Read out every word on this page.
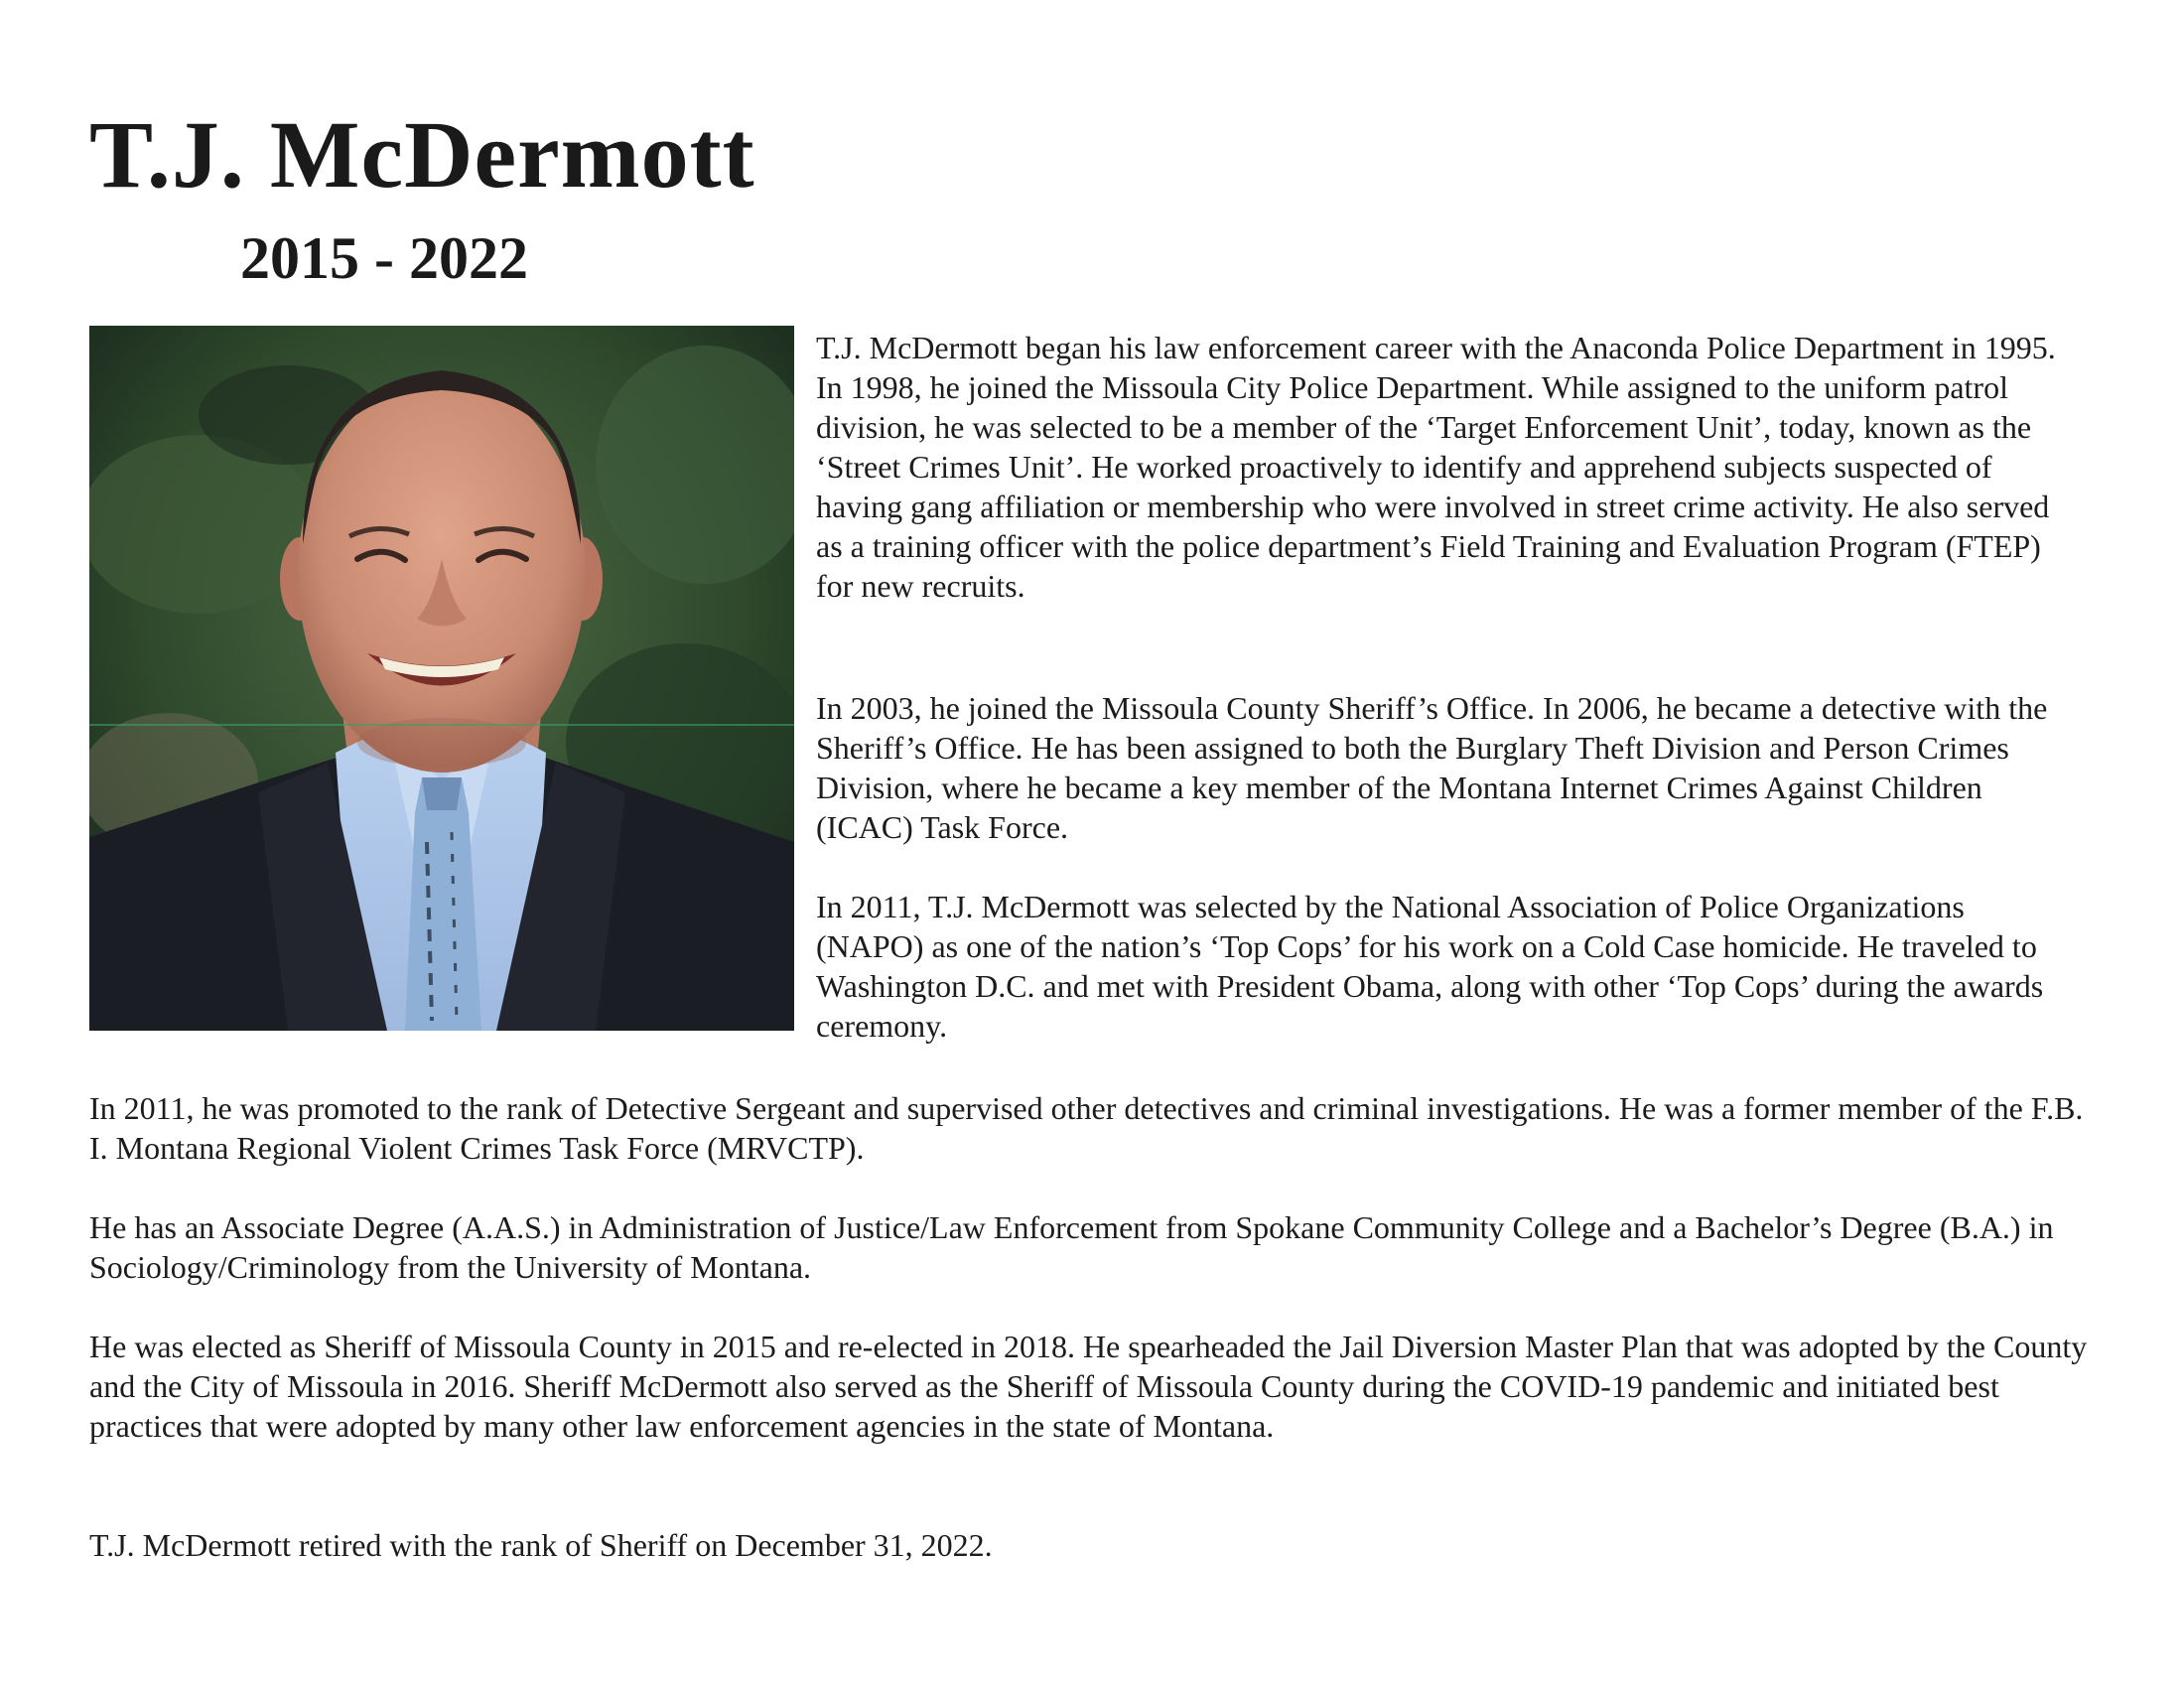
T.J. McDermott
2015 - 2022

T.J. McDermott began his law enforcement career with the Anaconda Police Department in 1995. In 1998, he joined the Missoula City Police Department. While assigned to the uniform patrol division, he was selected to be a member of the ‘Target Enforcement Unit’, today, known as the ‘Street Crimes Unit’. He worked proactively to identify and apprehend subjects suspected of having gang affiliation or membership who were involved in street crime activity. He also served as a training officer with the police department’s Field Training and Evaluation Program (FTEP) for new recruits.

In 2003, he joined the Missoula County Sheriff’s Office. In 2006, he became a detective with the Sheriff’s Office. He has been assigned to both the Burglary Theft Division and Person Crimes Division, where he became a key member of the Montana Internet Crimes Against Children (ICAC) Task Force.

In 2011, T.J. McDermott was selected by the National Association of Police Organizations (NAPO) as one of the nation’s ‘Top Cops’ for his work on a Cold Case homicide. He traveled to Washington D.C. and met with President Obama, along with other ‘Top Cops’ during the awards ceremony.

In 2011, he was promoted to the rank of Detective Sergeant and supervised other detectives and criminal investigations. He was a former member of the F.B. I. Montana Regional Violent Crimes Task Force (MRVCTP).

He has an Associate Degree (A.A.S.) in Administration of Justice/Law Enforcement from Spokane Community College and a Bachelor’s Degree (B.A.) in Sociology/Criminology from the University of Montana.

He was elected as Sheriff of Missoula County in 2015 and re-elected in 2018. He spearheaded the Jail Diversion Master Plan that was adopted by the County and the City of Missoula in 2016. Sheriff McDermott also served as the Sheriff of Missoula County during the COVID-19 pandemic and initiated best practices that were adopted by many other law enforcement agencies in the state of Montana.

T.J. McDermott retired with the rank of Sheriff on December 31, 2022.
